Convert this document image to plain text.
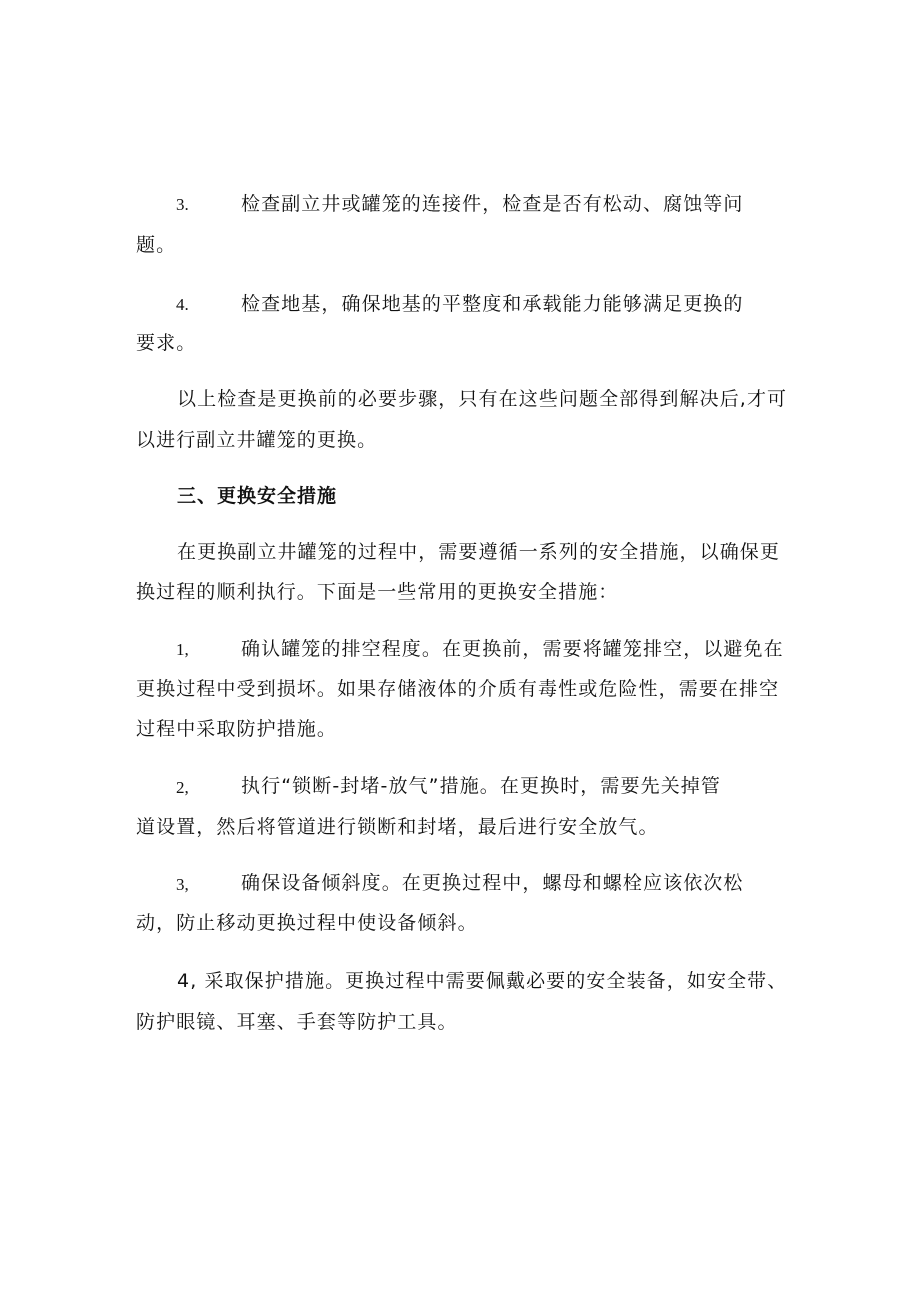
3.	检查副立井或罐笼的连接件，检查是否有松动、腐蚀等问
题。
4.	检查地基，确保地基的平整度和承载能力能够满足更换的
要求。
以上检查是更换前的必要步骤，只有在这些问题全部得到解决后,才可
以进行副立井罐笼的更换。
三、更换安全措施
在更换副立井罐笼的过程中，需要遵循一系列的安全措施，以确保更
换过程的顺利执行。下面是一些常用的更换安全措施：
1,	确认罐笼的排空程度。在更换前，需要将罐笼排空，以避免在
更换过程中受到损坏。如果存储液体的介质有毒性或危险性，需要在排空
过程中采取防护措施。
2,	执行“锁断-封堵-放气”措施。在更换时，需要先关掉管
道设置，然后将管道进行锁断和封堵，最后进行安全放气。
3,	确保设备倾斜度。在更换过程中，螺母和螺栓应该依次松
动，防止移动更换过程中使设备倾斜。
4, 采取保护措施。更换过程中需要佩戴必要的安全装备，如安全带、
防护眼镜、耳塞、手套等防护工具。
